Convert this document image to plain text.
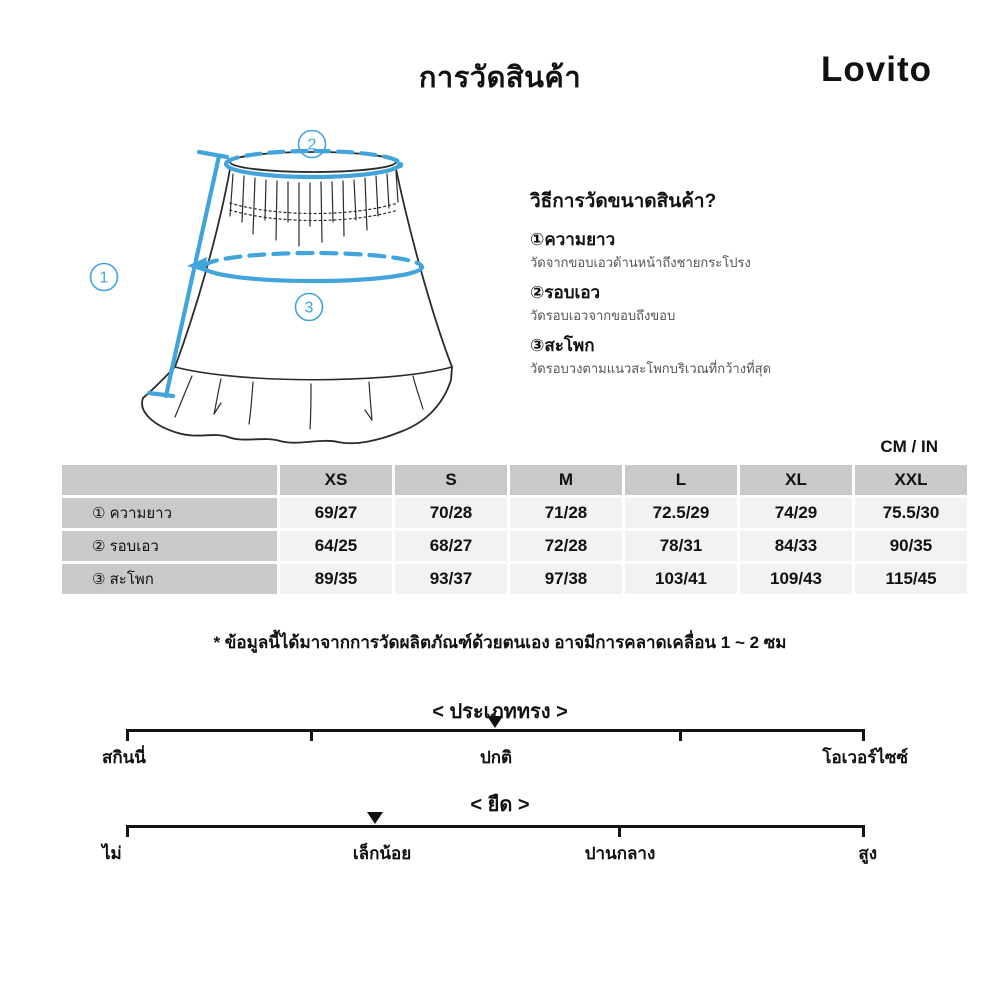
การวัดสินค้า	Lovito
1
2
3
วิธีการวัดขนาดสินค้า?
①ความยาว
วัดจากขอบเอวด้านหน้าถึงชายกระโปรง
②รอบเอว
วัดรอบเอวจากขอบถึงขอบ
③สะโพก
วัดรอบวงตามแนวสะโพกบริเวณที่กว้างที่สุด
CM / IN
	XS	S	M	L	XL	XXL
① ความยาว	69/27	70/28	71/28	72.5/29	74/29	75.5/30
② รอบเอว	64/25	68/27	72/28	78/31	84/33	90/35
③ สะโพก	89/35	93/37	97/38	103/41	109/43	115/45
* ข้อมูลนี้ได้มาจากการวัดผลิตภัณฑ์ด้วยตนเอง อาจมีการคลาดเคลื่อน 1 ~ 2 ซม
< ประเภททรง >
สกินนี่	ปกติ	โอเวอร์ไซซ์
< ยืด >
ไม่	เล็กน้อย	ปานกลาง	สูง
